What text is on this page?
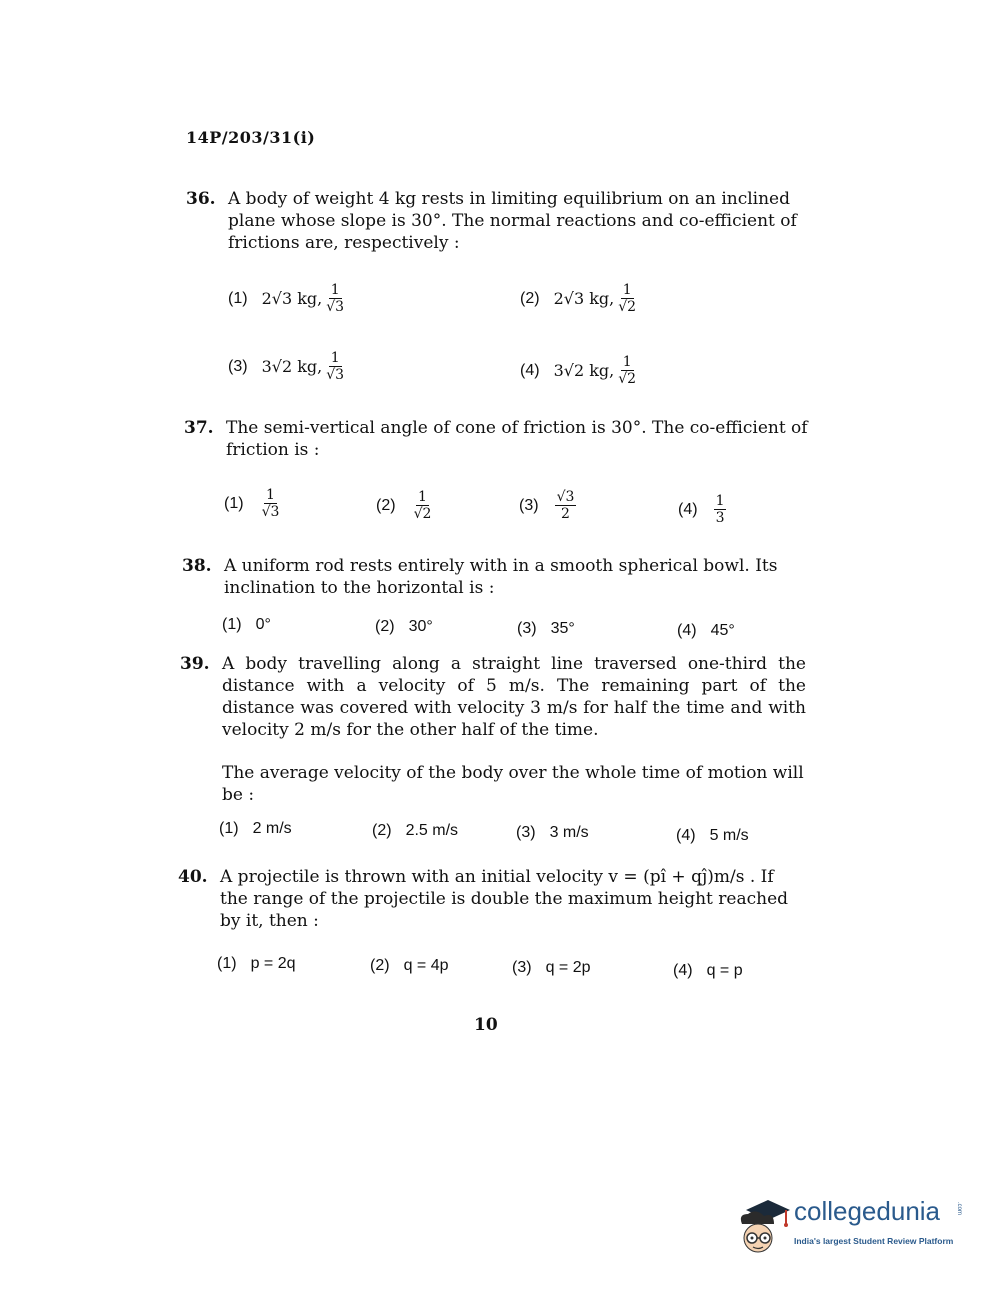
14P/203/31(i)
36. A body of weight 4 kg rests in limiting equilibrium on an inclined plane whose slope is 30°. The normal reactions and co-efficient of frictions are, respectively :
(1) 2√3 kg, $\frac{1}{√3}$	(2) 2√3 kg, $\frac{1}{√2}$
(3) 3√2 kg, $\frac{1}{√3}$	(4) 3√2 kg, $\frac{1}{√2}$
37. The semi-vertical angle of cone of friction is 30°. The co-efficient of friction is :
$(1) \frac{1}{√3}$	$(2) \frac{1}{√2}$	$(3) \frac{√3}{2}$	$(4) \frac{1}{3}$
38. A uniform rod rests entirely with in a smooth spherical bowl. Its inclination to the horizontal is :
(1) 0°	(2) 30°	(3) 35°	(4) 45°
39. A body travelling along a straight line traversed one-third the distance with a velocity of 5 m/s. The remaining part of the distance was covered with velocity 3 m/s for half the time and with velocity 2 m/s for the other half of the time.
The average velocity of the body over the whole time of motion will be :
(1) 2 m/s	(2) 2.5 m/s	(3) 3 m/s	(4) 5 m/s
40. A projectile is thrown with an initial velocity v = (pî + qĵ)m/s . If the range of the projectile is double the maximum height reached by it, then :
(1) p = 2q	(2) q = 4p	(3) q = 2p	(4) q = p
10
collegedunia	.com
India's largest Student Review Platform
